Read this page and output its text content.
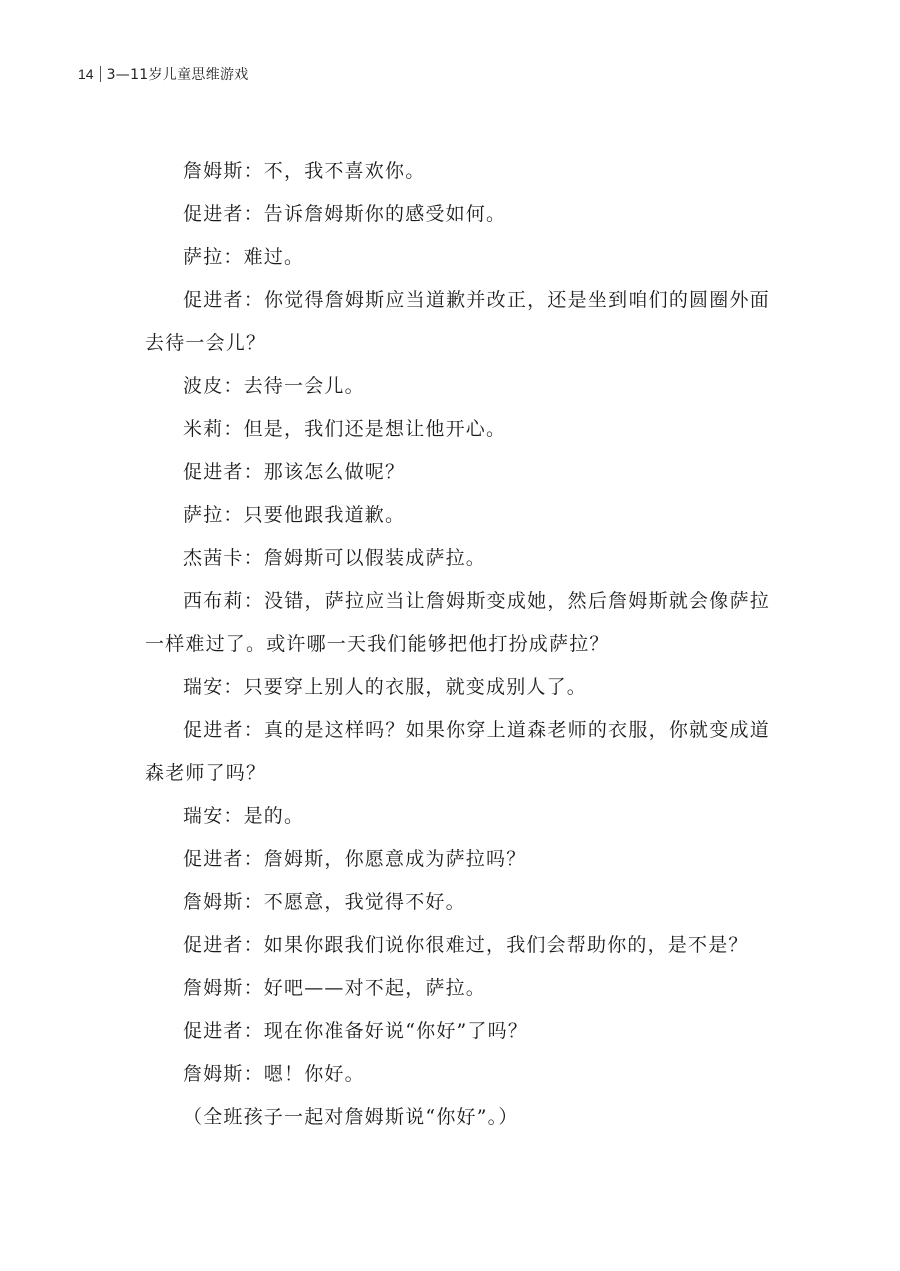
14 3—11岁儿童思维游戏

詹姆斯：不，我不喜欢你。

促进者：告诉詹姆斯你的感受如何。

萨拉：难过。

促进者：你觉得詹姆斯应当道歉并改正，还是坐到咱们的圆圈外面去待一会儿？

波皮：去待一会儿。

米莉：但是，我们还是想让他开心。

促进者：那该怎么做呢？

萨拉：只要他跟我道歉。

杰茜卡：詹姆斯可以假装成萨拉。

西布莉：没错，萨拉应当让詹姆斯变成她，然后詹姆斯就会像萨拉一样难过了。或许哪一天我们能够把他打扮成萨拉？

瑞安：只要穿上别人的衣服，就变成别人了。

促进者：真的是这样吗？如果你穿上道森老师的衣服，你就变成道森老师了吗？

瑞安：是的。

促进者：詹姆斯，你愿意成为萨拉吗？

詹姆斯：不愿意，我觉得不好。

促进者：如果你跟我们说你很难过，我们会帮助你的，是不是？

詹姆斯：好吧——对不起，萨拉。

促进者：现在你准备好说“你好”了吗？

詹姆斯：嗯！你好。

（全班孩子一起对詹姆斯说“你好”。）
